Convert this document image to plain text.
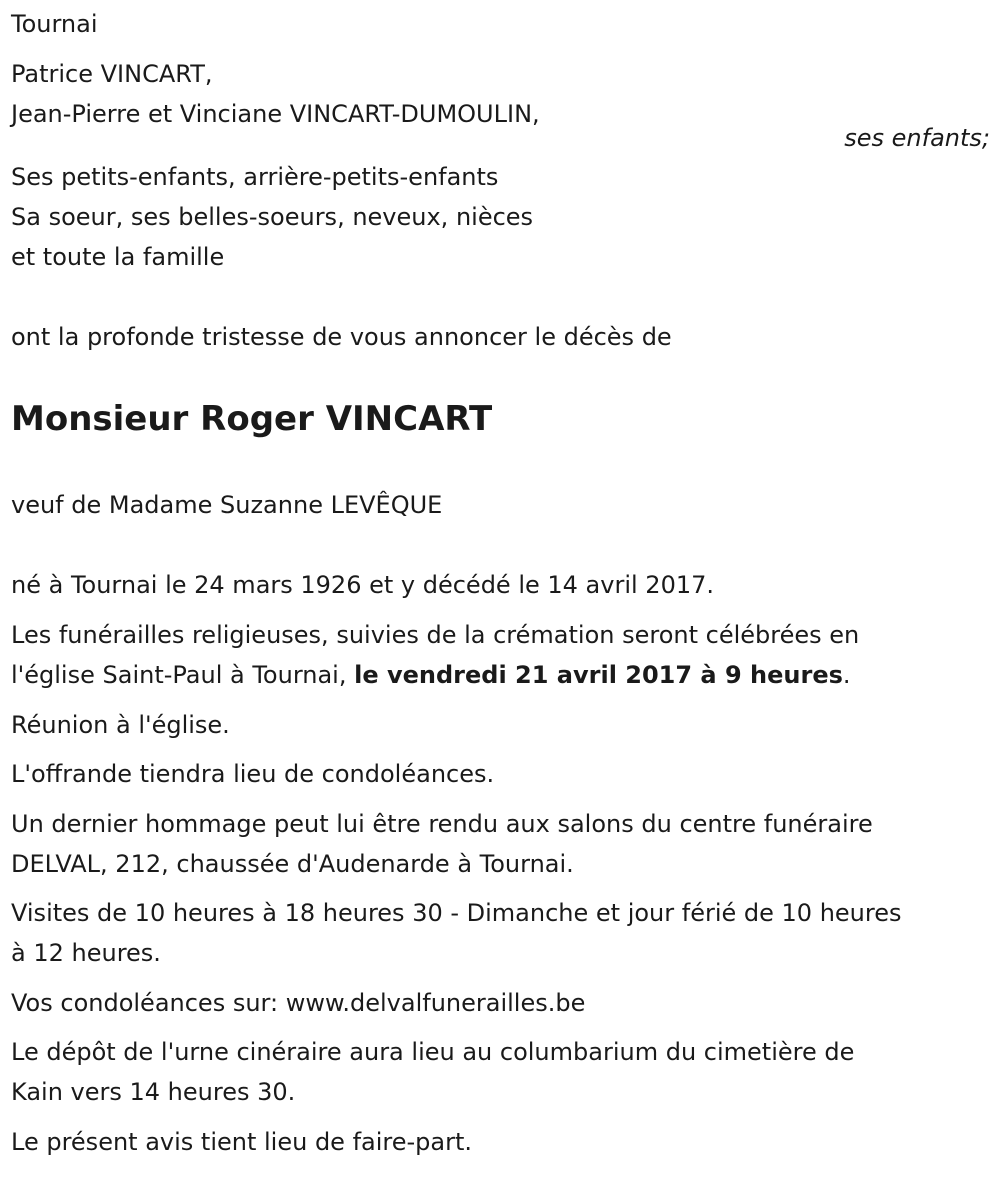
Tournai
Patrice VINCART,
Jean-Pierre et Vinciane VINCART-DUMOULIN,
ses enfants;
Ses petits-enfants, arrière-petits-enfants
Sa soeur, ses belles-soeurs, neveux, nièces
et toute la famille
ont la profonde tristesse de vous annoncer le décès de
Monsieur Roger VINCART
veuf de Madame Suzanne LEVÊQUE
né à Tournai le 24 mars 1926 et y décédé le 14 avril 2017.
Les funérailles religieuses, suivies de la crémation seront célébrées en
l'église Saint-Paul à Tournai, le vendredi 21 avril 2017 à 9 heures.
Réunion à l'église.
L'offrande tiendra lieu de condoléances.
Un dernier hommage peut lui être rendu aux salons du centre funéraire
DELVAL, 212, chaussée d'Audenarde à Tournai.
Visites de 10 heures à 18 heures 30 - Dimanche et jour férié de 10 heures
à 12 heures.
Vos condoléances sur: www.delvalfunerailles.be
Le dépôt de l'urne cinéraire aura lieu au columbarium du cimetière de
Kain vers 14 heures 30.
Le présent avis tient lieu de faire-part.
